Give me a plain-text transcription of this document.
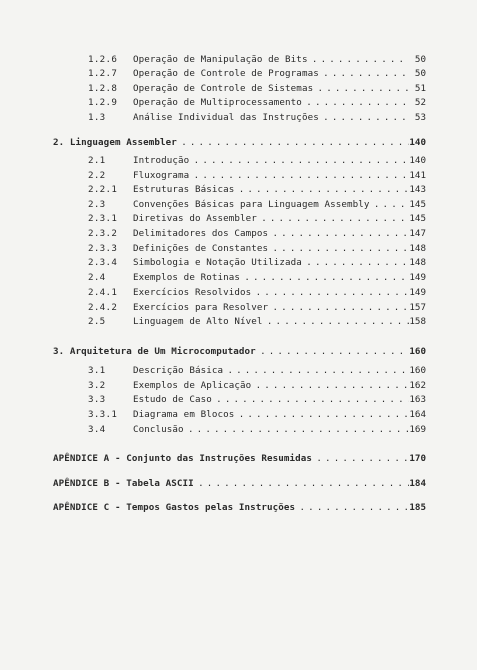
1.2.6 Operação de Manipulação de Bits . . .	50
1.2.7 Operação de Controle de Programas . . .	50
1.2.8 Operação de Controle de Sistemas . . .	51
1.2.9 Operação de Multiprocessamento . . .	52
1.3	Análise Individual das Instruções . . .	53
2. Linguagem Assembler . . .	140
2.1	Introdução . . .	140
2.2	Fluxograma . . .	141
2.2.1 Estruturas Básicas . . .	143
2.3	Convenções Básicas para Linguagem Assembly . . .	145
2.3.1 Diretivas do Assembler . . .	145
2.3.2 Delimitadores dos Campos . . .	147
2.3.3 Definições de Constantes . . .	148
2.3.4 Simbologia e Notação Utilizada . . .	148
2.4	Exemplos de Rotinas . . .	149
2.4.1 Exercícios Resolvidos . . .	149
2.4.2 Exercícios para Resolver . . .	157
2.5	Linguagem de Alto Nível . . .	158
3. Arquitetura de Um Microcomputador . . .	160
3.1	Descrição Básica . . .	160
3.2	Exemplos de Aplicação . . .	162
3.3	Estudo de Caso . . .	163
3.3.1 Diagrama em Blocos . . .	164
3.4	Conclusão . . .	169
APÊNDICE A - Conjunto das Instruções Resumidas . . .	170
APÊNDICE B - Tabela ASCII . . .	184
APÊNDICE C - Tempos Gastos pelas Instruções . . .	185
